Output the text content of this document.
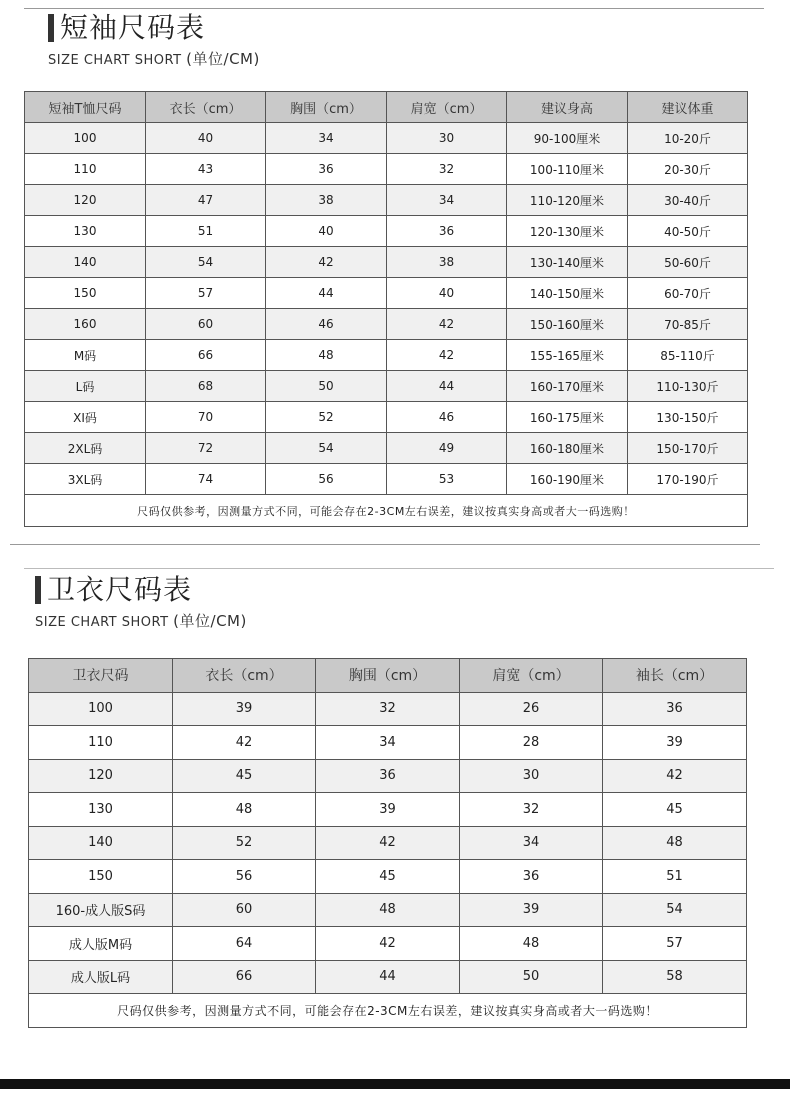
短袖尺码表
SIZE CHART SHORT (单位/CM)
短袖T恤尺码	衣长（cm）	胸围（cm）	肩宽（cm）	建议身高	建议体重
100	40	34	30	90-100厘米	10-20斤
110	43	36	32	100-110厘米	20-30斤
120	47	38	34	110-120厘米	30-40斤
130	51	40	36	120-130厘米	40-50斤
140	54	42	38	130-140厘米	50-60斤
150	57	44	40	140-150厘米	60-70斤
160	60	46	42	150-160厘米	70-85斤
M码	66	48	42	155-165厘米	85-110斤
L码	68	50	44	160-170厘米	110-130斤
XI码	70	52	46	160-175厘米	130-150斤
2XL码	72	54	49	160-180厘米	150-170斤
3XL码	74	56	53	160-190厘米	170-190斤
尺码仅供参考，因测量方式不同，可能会存在2-3CM左右误差，建议按真实身高或者大一码选购！					
卫衣尺码表
SIZE CHART SHORT (单位/CM)
卫衣尺码	衣长（cm）	胸围（cm）	肩宽（cm）	袖长（cm）
100	39	32	26	36
110	42	34	28	39
120	45	36	30	42
130	48	39	32	45
140	52	42	34	48
150	56	45	36	51
160-成人版S码	60	48	39	54
成人版M码	64	42	48	57
成人版L码	66	44	50	58
尺码仅供参考，因测量方式不同，可能会存在2-3CM左右误差，建议按真实身高或者大一码选购！				
